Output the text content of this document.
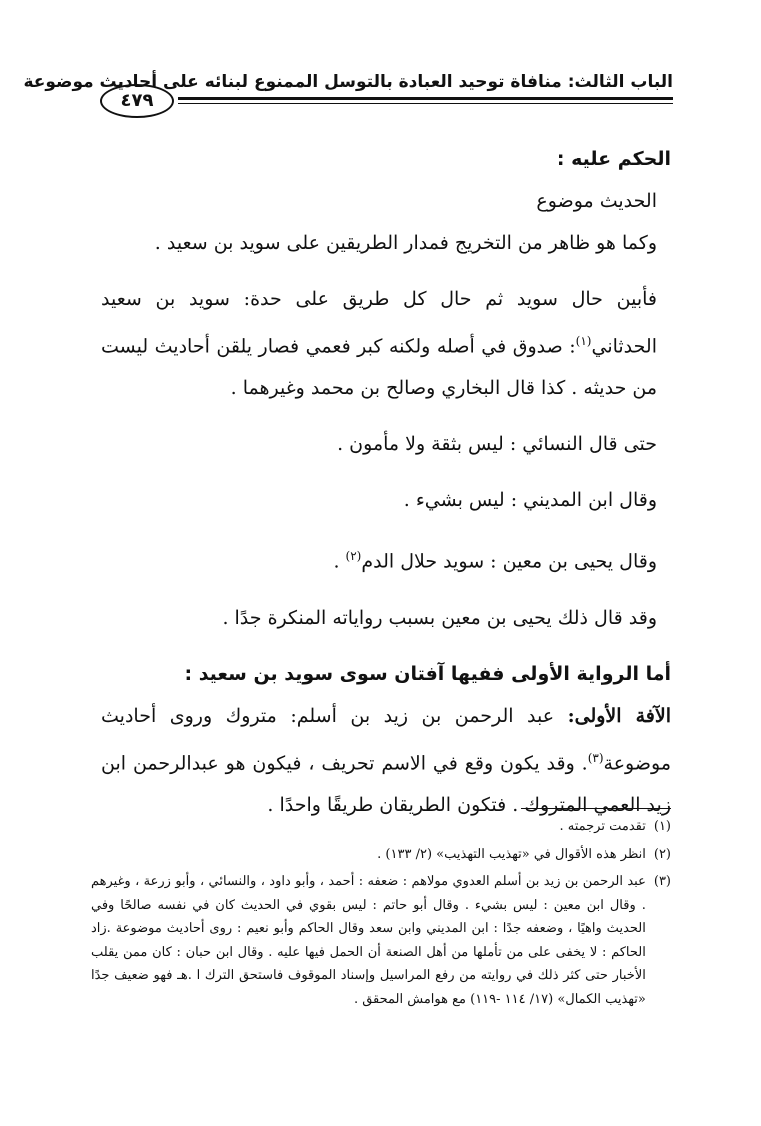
الباب الثالث: منافاة توحيد العبادة بالتوسل الممنوع لبنائه على أحاديث موضوعة
٤٧٩

الحكم عليه :

الحديث موضوع

وكما هو ظاهر من التخريج فمدار الطريقين على سويد بن سعيد .

فأبين حال سويد ثم حال كل طريق على حدة: سويد بن سعيد الحدثاني$^{(١)}$: صدوق في أصله ولكنه كبر فعمي فصار يلقن أحاديث ليست من حديثه . كذا قال البخاري وصالح بن محمد وغيرهما .

حتى قال النسائي : ليس بثقة ولا مأمون .

وقال ابن المديني : ليس بشيء .

وقال يحيى بن معين : سويد حلال الدم$^{(٢)}$ .

وقد قال ذلك يحيى بن معين بسبب رواياته المنكرة جدًا .

أما الرواية الأولى ففيها آفتان سوى سويد بن سعيد :

الآفة الأولى: عبد الرحمن بن زيد بن أسلم: متروك وروى أحاديث موضوعة$^{(٣)}$. وقد يكون وقع في الاسم تحريف ، فيكون هو عبدالرحمن ابن زيد العمي المتروك . فتكون الطريقان طريقًا واحدًا .

(١)
تقدمت ترجمته .

(٢)
انظر هذه الأقوال في «تهذيب التهذيب» (٢/ ١٣٣) .

(٣)
عبد الرحمن بن زيد بن أسلم العدوي مولاهم : ضعفه : أحمد ، وأبو داود ، والنسائي ، وأبو زرعة ، وغيرهم . وقال ابن معين : ليس بشيء . وقال أبو حاتم : ليس بقوي في الحديث كان في نفسه صالحًا وفي الحديث واهيًا ، وضعفه جدًا : ابن المديني وابن سعد وقال الحاكم وأبو نعيم : روى أحاديث موضوعة .زاد الحاكم : لا يخفى على من تأملها من أهل الصنعة أن الحمل فيها عليه . وقال ابن حبان : كان ممن يقلب الأخبار حتى كثر ذلك في روايته من رفع المراسيل وإسناد الموقوف فاستحق الترك ا .هـ فهو ضعيف جدًا «تهذيب الكمال» (١٧/ ١١٤ -١١٩) مع هوامش المحقق .
